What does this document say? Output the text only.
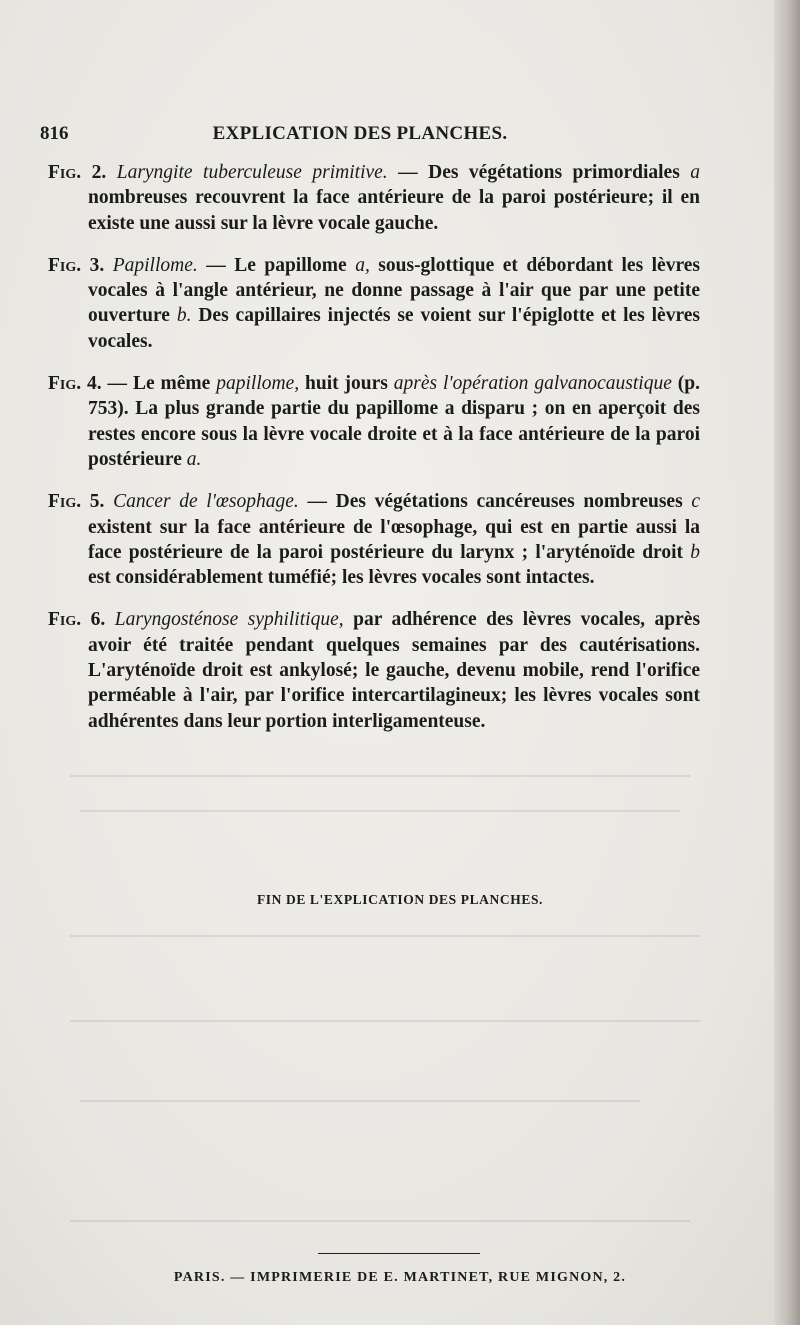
816	EXPLICATION DES PLANCHES.

Fig. 2. Laryngite tuberculeuse primitive. — Des végétations primordiales a nombreuses recouvrent la face antérieure de la paroi postérieure; il en existe une aussi sur la lèvre vocale gauche.

Fig. 3. Papillome. — Le papillome a, sous-glottique et débordant les lèvres vocales à l'angle antérieur, ne donne passage à l'air que par une petite ouverture b. Des capillaires injectés se voient sur l'épiglotte et les lèvres vocales.

Fig. 4. — Le même papillome, huit jours après l'opération galvanocaustique (p. 753). La plus grande partie du papillome a disparu ; on en aperçoit des restes encore sous la lèvre vocale droite et à la face antérieure de la paroi postérieure a.

Fig. 5. Cancer de l'œsophage. — Des végétations cancéreuses nombreuses c existent sur la face antérieure de l'œsophage, qui est en partie aussi la face postérieure de la paroi postérieure du larynx ; l'aryténoïde droit b est considérablement tuméfié; les lèvres vocales sont intactes.

Fig. 6. Laryngosténose syphilitique, par adhérence des lèvres vocales, après avoir été traitée pendant quelques semaines par des cautérisations. L'aryténoïde droit est ankylosé; le gauche, devenu mobile, rend l'orifice perméable à l'air, par l'orifice intercartilagineux; les lèvres vocales sont adhérentes dans leur portion interligamenteuse.

FIN DE L'EXPLICATION DES PLANCHES.
PARIS. — IMPRIMERIE DE E. MARTINET, RUE MIGNON, 2.
